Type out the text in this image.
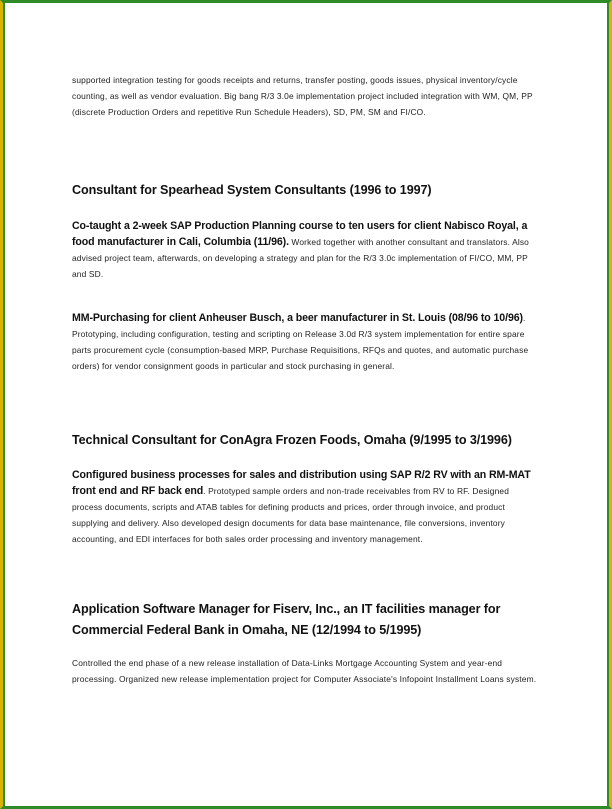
supported integration testing for goods receipts and returns, transfer posting, goods issues, physical inventory/cycle counting, as well as vendor evaluation. Big bang R/3 3.0e implementation project included integration with WM, QM, PP (discrete Production Orders and repetitive Run Schedule Headers), SD, PM, SM and FI/CO.

Consultant for Spearhead System Consultants (1996 to 1997)

Co-taught a 2-week SAP Production Planning course to ten users for client Nabisco Royal, a food manufacturer in Cali, Columbia (11/96). Worked together with another consultant and translators. Also advised project team, afterwards, on developing a strategy and plan for the R/3 3.0c implementation of FI/CO, MM, PP and SD.

MM-Purchasing for client Anheuser Busch, a beer manufacturer in St. Louis (08/96 to 10/96). Prototyping, including configuration, testing and scripting on Release 3.0d R/3 system implementation for entire spare parts procurement cycle (consumption-based MRP, Purchase Requisitions, RFQs and quotes, and automatic purchase orders) for vendor consignment goods in particular and stock purchasing in general.

Technical Consultant for ConAgra Frozen Foods, Omaha (9/1995 to 3/1996)

Configured business processes for sales and distribution using SAP R/2 RV with an RM-MAT front end and RF back end. Prototyped sample orders and non-trade receivables from RV to RF. Designed process documents, scripts and ATAB tables for defining products and prices, order through invoice, and product supplying and delivery. Also developed design documents for data base maintenance, file conversions, inventory accounting, and EDI interfaces for both sales order processing and inventory management.

Application Software Manager for Fiserv, Inc., an IT facilities manager for Commercial Federal Bank in Omaha, NE (12/1994 to 5/1995)

Controlled the end phase of a new release installation of Data-Links Mortgage Accounting System and year-end processing. Organized new release implementation project for Computer Associate's Infopoint Installment Loans system.
